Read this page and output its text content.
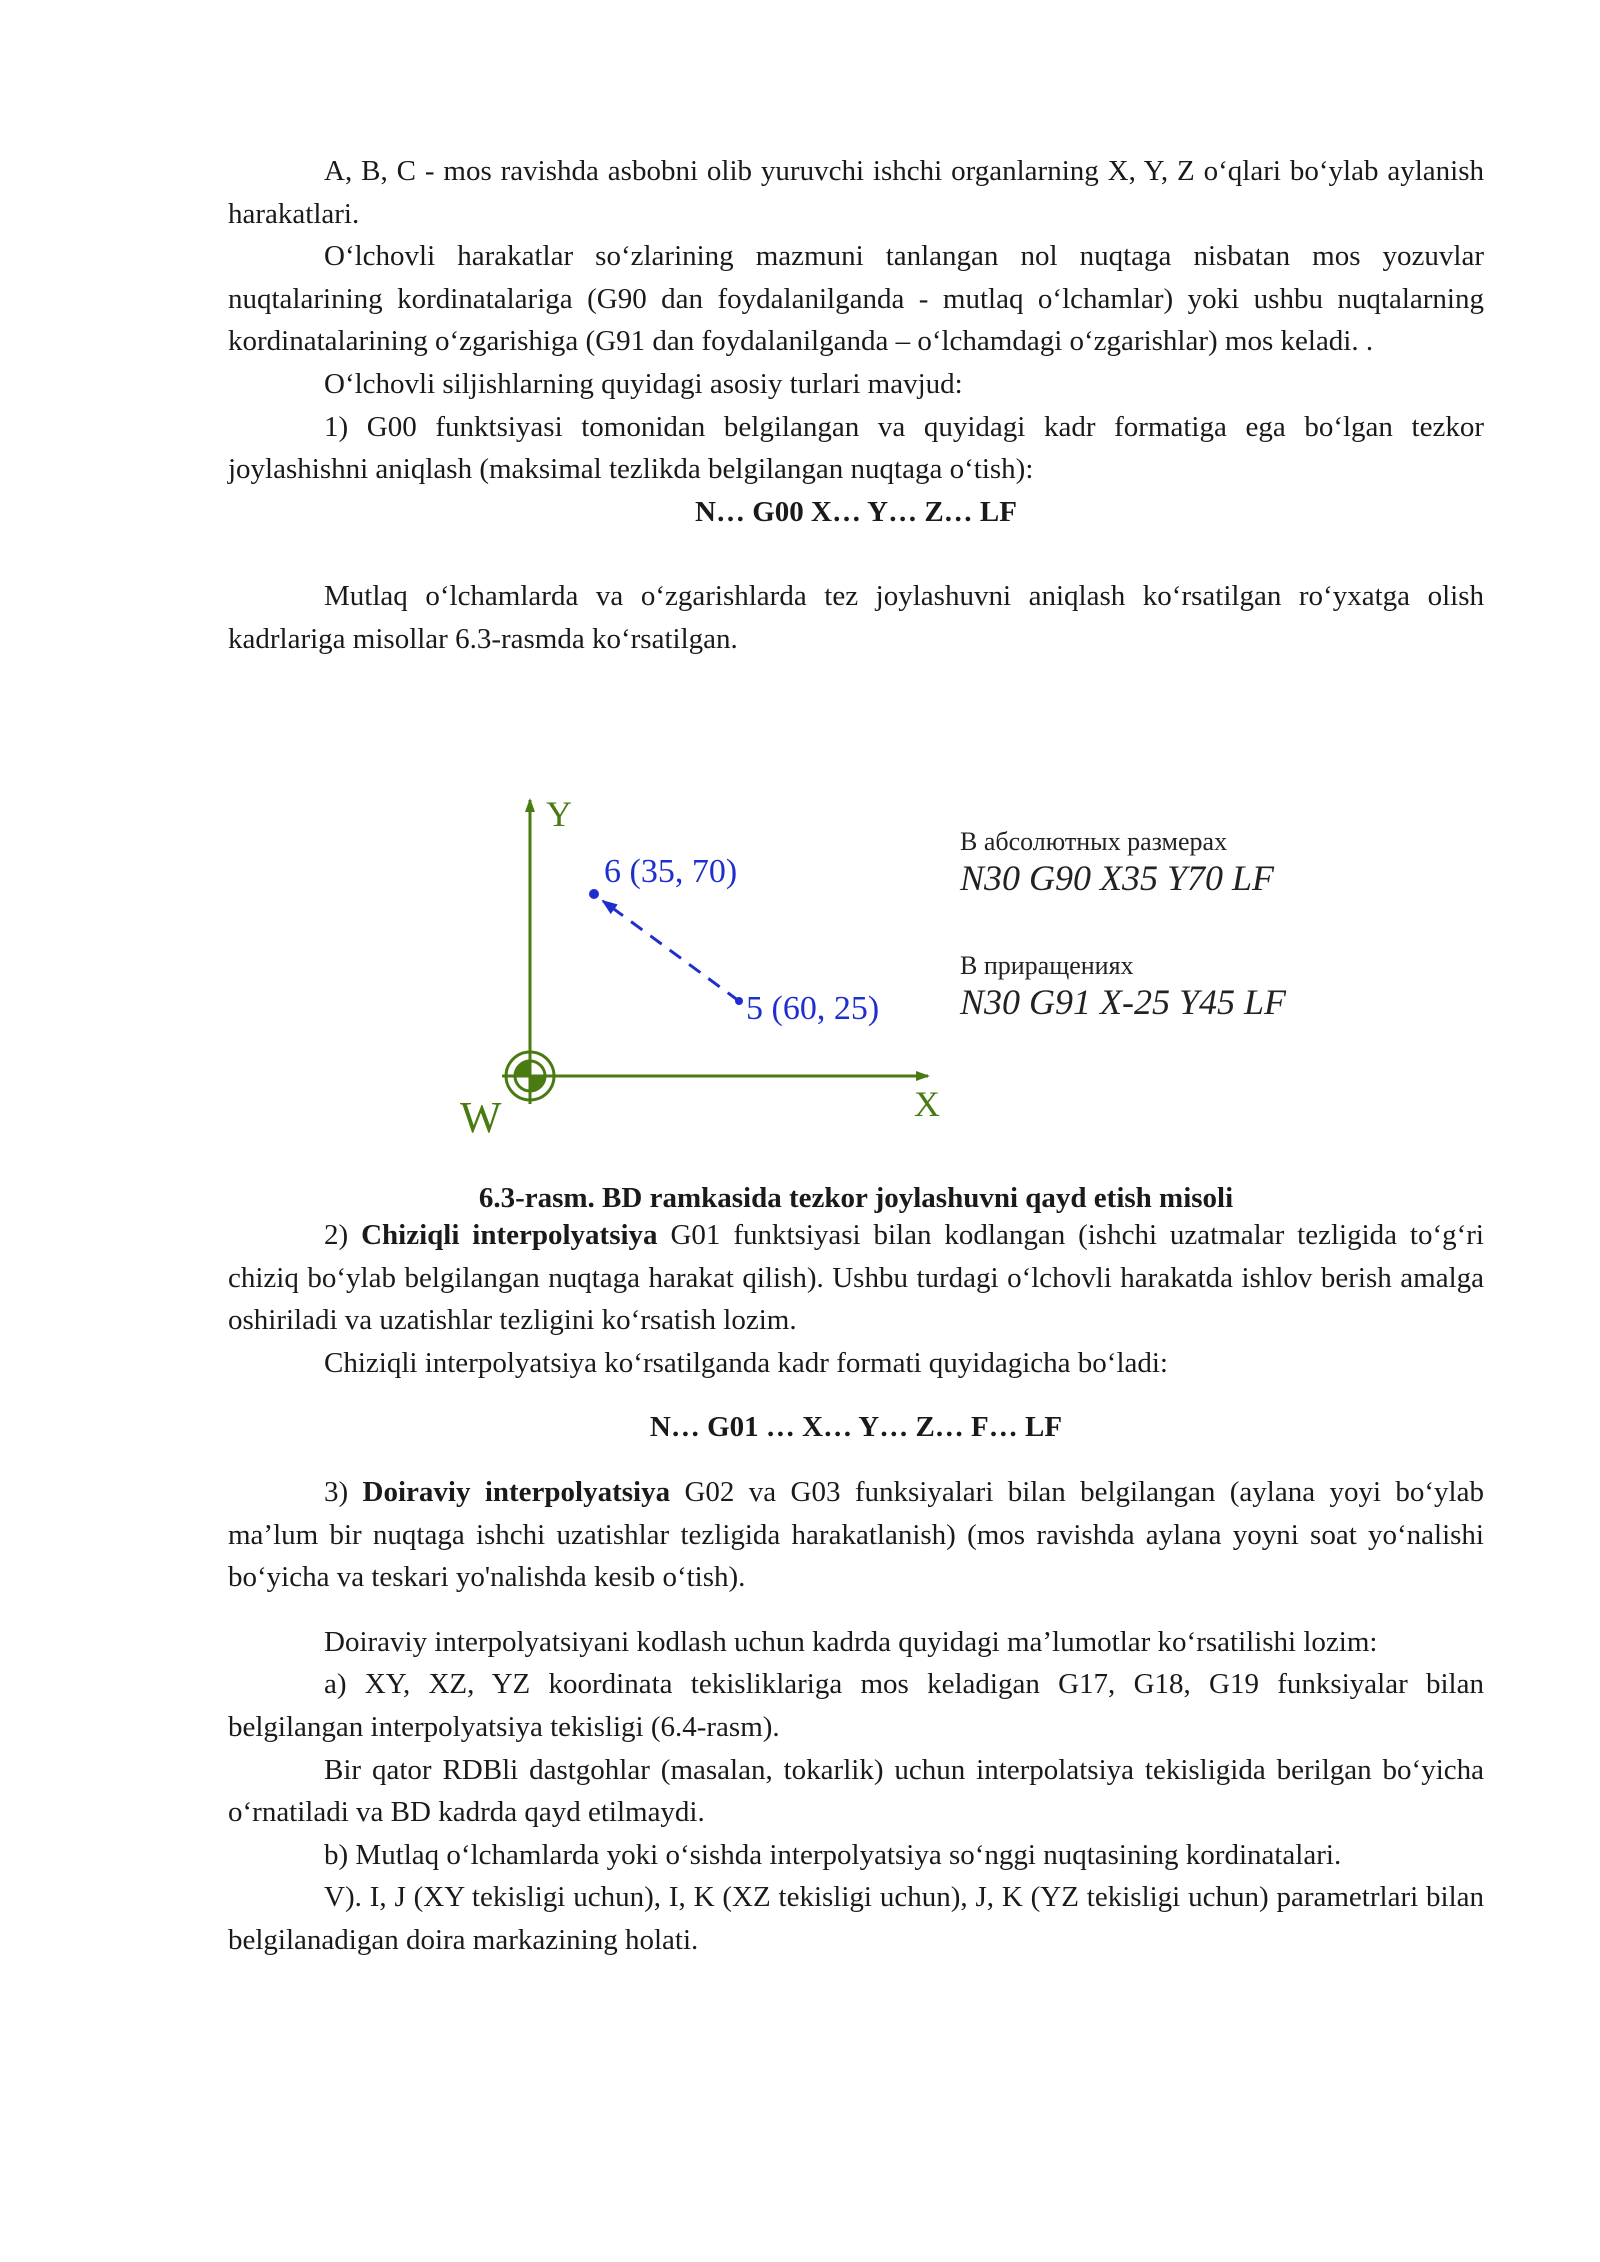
A, B, C - mos ravishda asbobni olib yuruvchi ishchi organlarning X, Y, Z o‘qlari bo‘ylab aylanish harakatlari.

O‘lchovli harakatlar so‘zlarining mazmuni tanlangan nol nuqtaga nisbatan mos yozuvlar nuqtalarining kordinatalariga (G90 dan foydalanilganda - mutlaq o‘lchamlar) yoki ushbu nuqtalarning kordinatalarining o‘zgarishiga (G91 dan foydalanilganda – o‘lchamdagi o‘zgarishlar) mos keladi. .

O‘lchovli siljishlarning quyidagi asosiy turlari mavjud:

1) G00 funktsiyasi tomonidan belgilangan va quyidagi kadr formatiga ega bo‘lgan tezkor joylashishni aniqlash (maksimal tezlikda belgilangan nuqtaga o‘tish):

N… G00 X… Y… Z… LF

Mutlaq o‘lchamlarda va o‘zgarishlarda tez joylashuvni aniqlash ko‘rsatilgan ro‘yxatga olish kadrlariga misollar 6.3-rasmda ko‘rsatilgan.

Y
X
W
6 (35, 70)
5 (60, 25)
В абсолютных размерах
N30 G90 X35 Y70 LF
В приращениях
N30 G91 X-25 Y45 LF
6.3-rasm. BD ramkasida tezkor joylashuvni qayd etish misoli

2) Chiziqli interpolyatsiya G01 funktsiyasi bilan kodlangan (ishchi uzatmalar tezligida to‘g‘ri chiziq bo‘ylab belgilangan nuqtaga harakat qilish). Ushbu turdagi o‘lchovli harakatda ishlov berish amalga oshiriladi va uzatishlar tezligini ko‘rsatish lozim.

Chiziqli interpolyatsiya ko‘rsatilganda kadr formati quyidagicha bo‘ladi:

N… G01 … X… Y… Z… F… LF

3) Doiraviy interpolyatsiya G02 va G03 funksiyalari bilan belgilangan (aylana yoyi bo‘ylab ma’lum bir nuqtaga ishchi uzatishlar tezligida harakatlanish) (mos ravishda aylana yoyni soat yo‘nalishi bo‘yicha va teskari yo'nalishda kesib o‘tish).

Doiraviy interpolyatsiyani kodlash uchun kadrda quyidagi ma’lumotlar ko‘rsatilishi lozim:

a) XY, XZ, YZ koordinata tekisliklariga mos keladigan G17, G18, G19 funksiyalar bilan belgilangan interpolyatsiya tekisligi (6.4-rasm).

Bir qator RDBli dastgohlar (masalan, tokarlik) uchun interpolatsiya tekisligida berilgan bo‘yicha o‘rnatiladi va BD kadrda qayd etilmaydi.

b) Mutlaq o‘lchamlarda yoki o‘sishda interpolyatsiya so‘nggi nuqtasining kordinatalari.

V). I, J (XY tekisligi uchun), I, K (XZ tekisligi uchun), J, K (YZ tekisligi uchun) parametrlari bilan belgilanadigan doira markazining holati.
